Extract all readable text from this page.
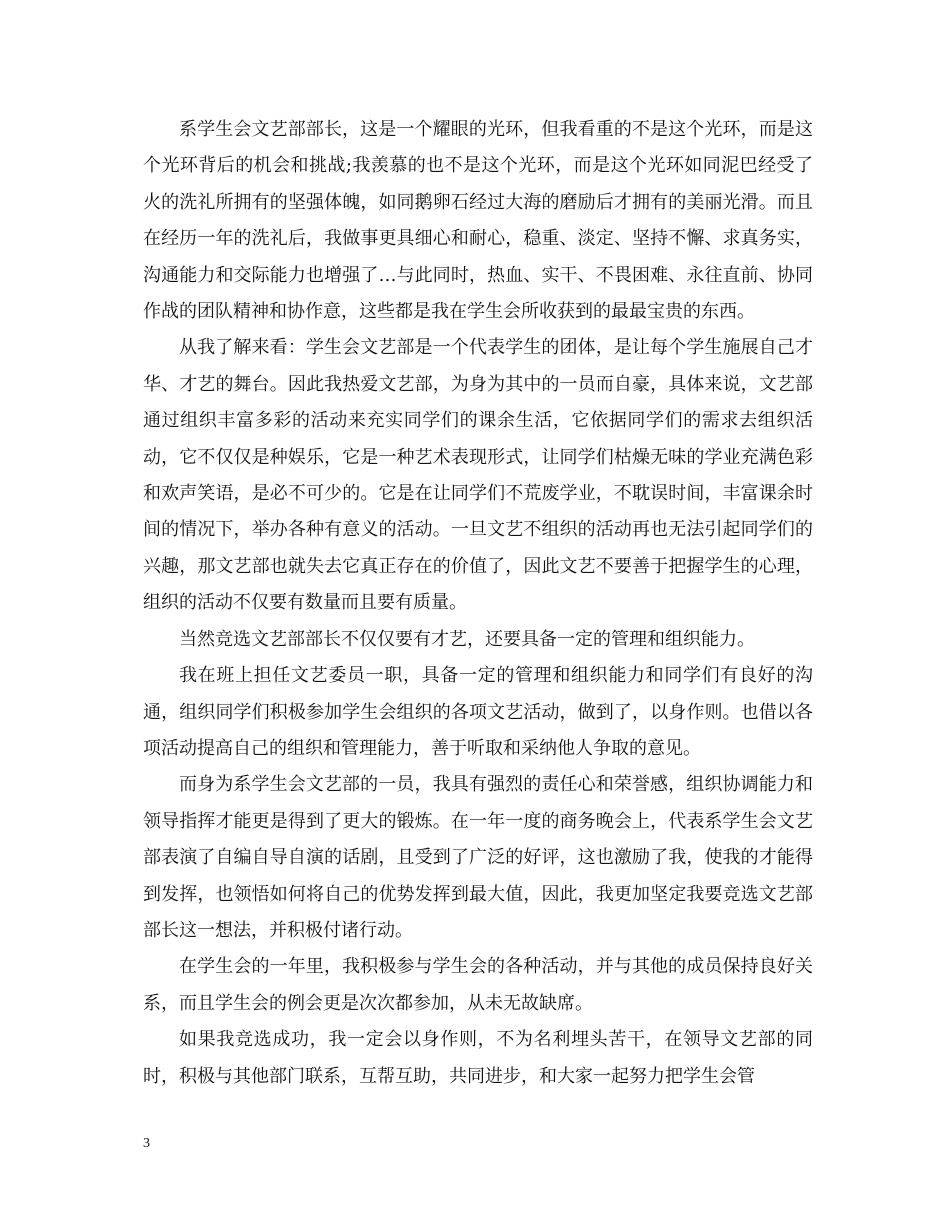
系学生会文艺部部长，这是一个耀眼的光环，但我看重的不是这个光环，而是这个光环背后的机会和挑战;我羡慕的也不是这个光环，而是这个光环如同泥巴经受了火的洗礼所拥有的坚强体魄，如同鹅卵石经过大海的磨励后才拥有的美丽光滑。而且在经历一年的洗礼后，我做事更具细心和耐心，稳重、淡定、坚持不懈、求真务实，沟通能力和交际能力也增强了…与此同时，热血、实干、不畏困难、永往直前、协同作战的团队精神和协作意，这些都是我在学生会所收获到的最最宝贵的东西。

从我了解来看：学生会文艺部是一个代表学生的团体，是让每个学生施展自己才华、才艺的舞台。因此我热爱文艺部，为身为其中的一员而自豪，具体来说，文艺部通过组织丰富多彩的活动来充实同学们的课余生活，它依据同学们的需求去组织活动，它不仅仅是种娱乐，它是一种艺术表现形式，让同学们枯燥无味的学业充满色彩和欢声笑语，是必不可少的。它是在让同学们不荒废学业，不耽误时间，丰富课余时间的情况下，举办各种有意义的活动。一旦文艺不组织的活动再也无法引起同学们的兴趣，那文艺部也就失去它真正存在的价值了，因此文艺不要善于把握学生的心理，组织的活动不仅要有数量而且要有质量。

当然竞选文艺部部长不仅仅要有才艺，还要具备一定的管理和组织能力。

我在班上担任文艺委员一职，具备一定的管理和组织能力和同学们有良好的沟通，组织同学们积极参加学生会组织的各项文艺活动，做到了，以身作则。也借以各项活动提高自己的组织和管理能力，善于听取和采纳他人争取的意见。

而身为系学生会文艺部的一员，我具有强烈的责任心和荣誉感，组织协调能力和领导指挥才能更是得到了更大的锻炼。在一年一度的商务晚会上，代表系学生会文艺部表演了自编自导自演的话剧，且受到了广泛的好评，这也激励了我，使我的才能得到发挥，也领悟如何将自己的优势发挥到最大值，因此，我更加坚定我要竞选文艺部部长这一想法，并积极付诸行动。

在学生会的一年里，我积极参与学生会的各种活动，并与其他的成员保持良好关系，而且学生会的例会更是次次都参加，从未无故缺席。

如果我竞选成功，我一定会以身作则，不为名利埋头苦干，在领导文艺部的同时，积极与其他部门联系，互帮互助，共同进步，和大家一起努力把学生会管

3
